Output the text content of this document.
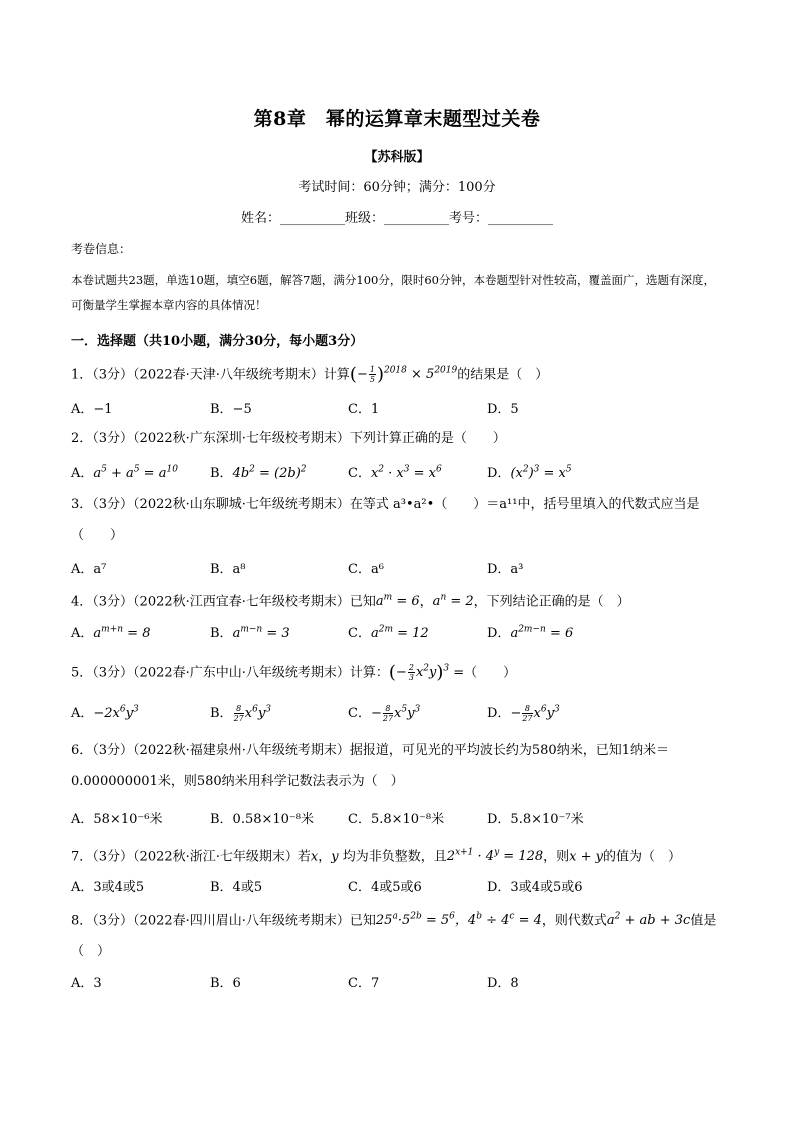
第8章　幂的运算章末题型过关卷
【苏科版】
考试时间：60分钟；满分：100分
姓名：__________班级：__________考号：__________
考卷信息：
本卷试题共23题，单选10题，填空6题，解答7题，满分100分，限时60分钟，本卷题型针对性较高，覆盖面广，选题有深度，可衡量学生掌握本章内容的具体情况！
一．选择题（共10小题，满分30分，每小题3分）
1．（3分）（2022春·天津·八年级统考期末）计算(− $\frac{1}{5} )^{2018} \times 5^{2019}$的结果是（　）
A．−1	B．−5	C．1	D．5
2．（3分）（2022秋·广东深圳·七年级校考期末）下列计算正确的是（　　）
A．$a^5 + a^5 = a^{10}$ B．$4b^2 = (2b)^2$	C．$x^2 \cdot x^3 = x^6$	D．$(x^2)^3 = x^5$
3．（3分）（2022秋·山东聊城·七年级统考期末）在等式 a³•a²•（　　）＝a¹¹中，括号里填入的代数式应当是（　　）
A．a⁷	B．a⁸	C．a⁶	D．a³
4．（3分）（2022秋·江西宜春·七年级校考期末）已知$a^m = 6$，$a^n = 2$，下列结论正确的是（　）
A．$a^{m+n} = 8$	B．$a^{m-n} = 3$	C．$a^{2m} = 12$	D．$a^{2m-n} = 6$
5．（3分）（2022春·广东中山·八年级统考期末）计算：(− $\frac{2}{3} x^2y)^3$ =（　　）
A．$-2x^6y^3$	B． $\frac{8}{27} x^6y^3$	C．− $\frac{8}{27} x^5y^3$	D．− $\frac{8}{27} x^6y^3$
6．（3分）（2022秋·福建泉州·八年级统考期末）据报道，可见光的平均波长约为580纳米，已知1纳米＝0.000000001米，则580纳米用科学记数法表示为（　）
A．58×10⁻⁶米	B．0.58×10⁻⁸米	C．5.8×10⁻⁸米	D．5.8×10⁻⁷米
7．（3分）（2022秋·浙江·七年级期末）若x，y 均为非负整数，且$2^{x+1} \cdot 4^y = 128$，则x + y的值为（　）
A．3或4或5	B．4或5	C．4或5或6	D．3或4或5或6
8．（3分）（2022春·四川眉山·八年级统考期末）已知$25^a\cdot 5^{2b} = 5^6$，$4^b \div 4^c = 4$，则代数式$a^2$ + ab + 3c值是（　）
A．3	B．6	C．7	D．8
